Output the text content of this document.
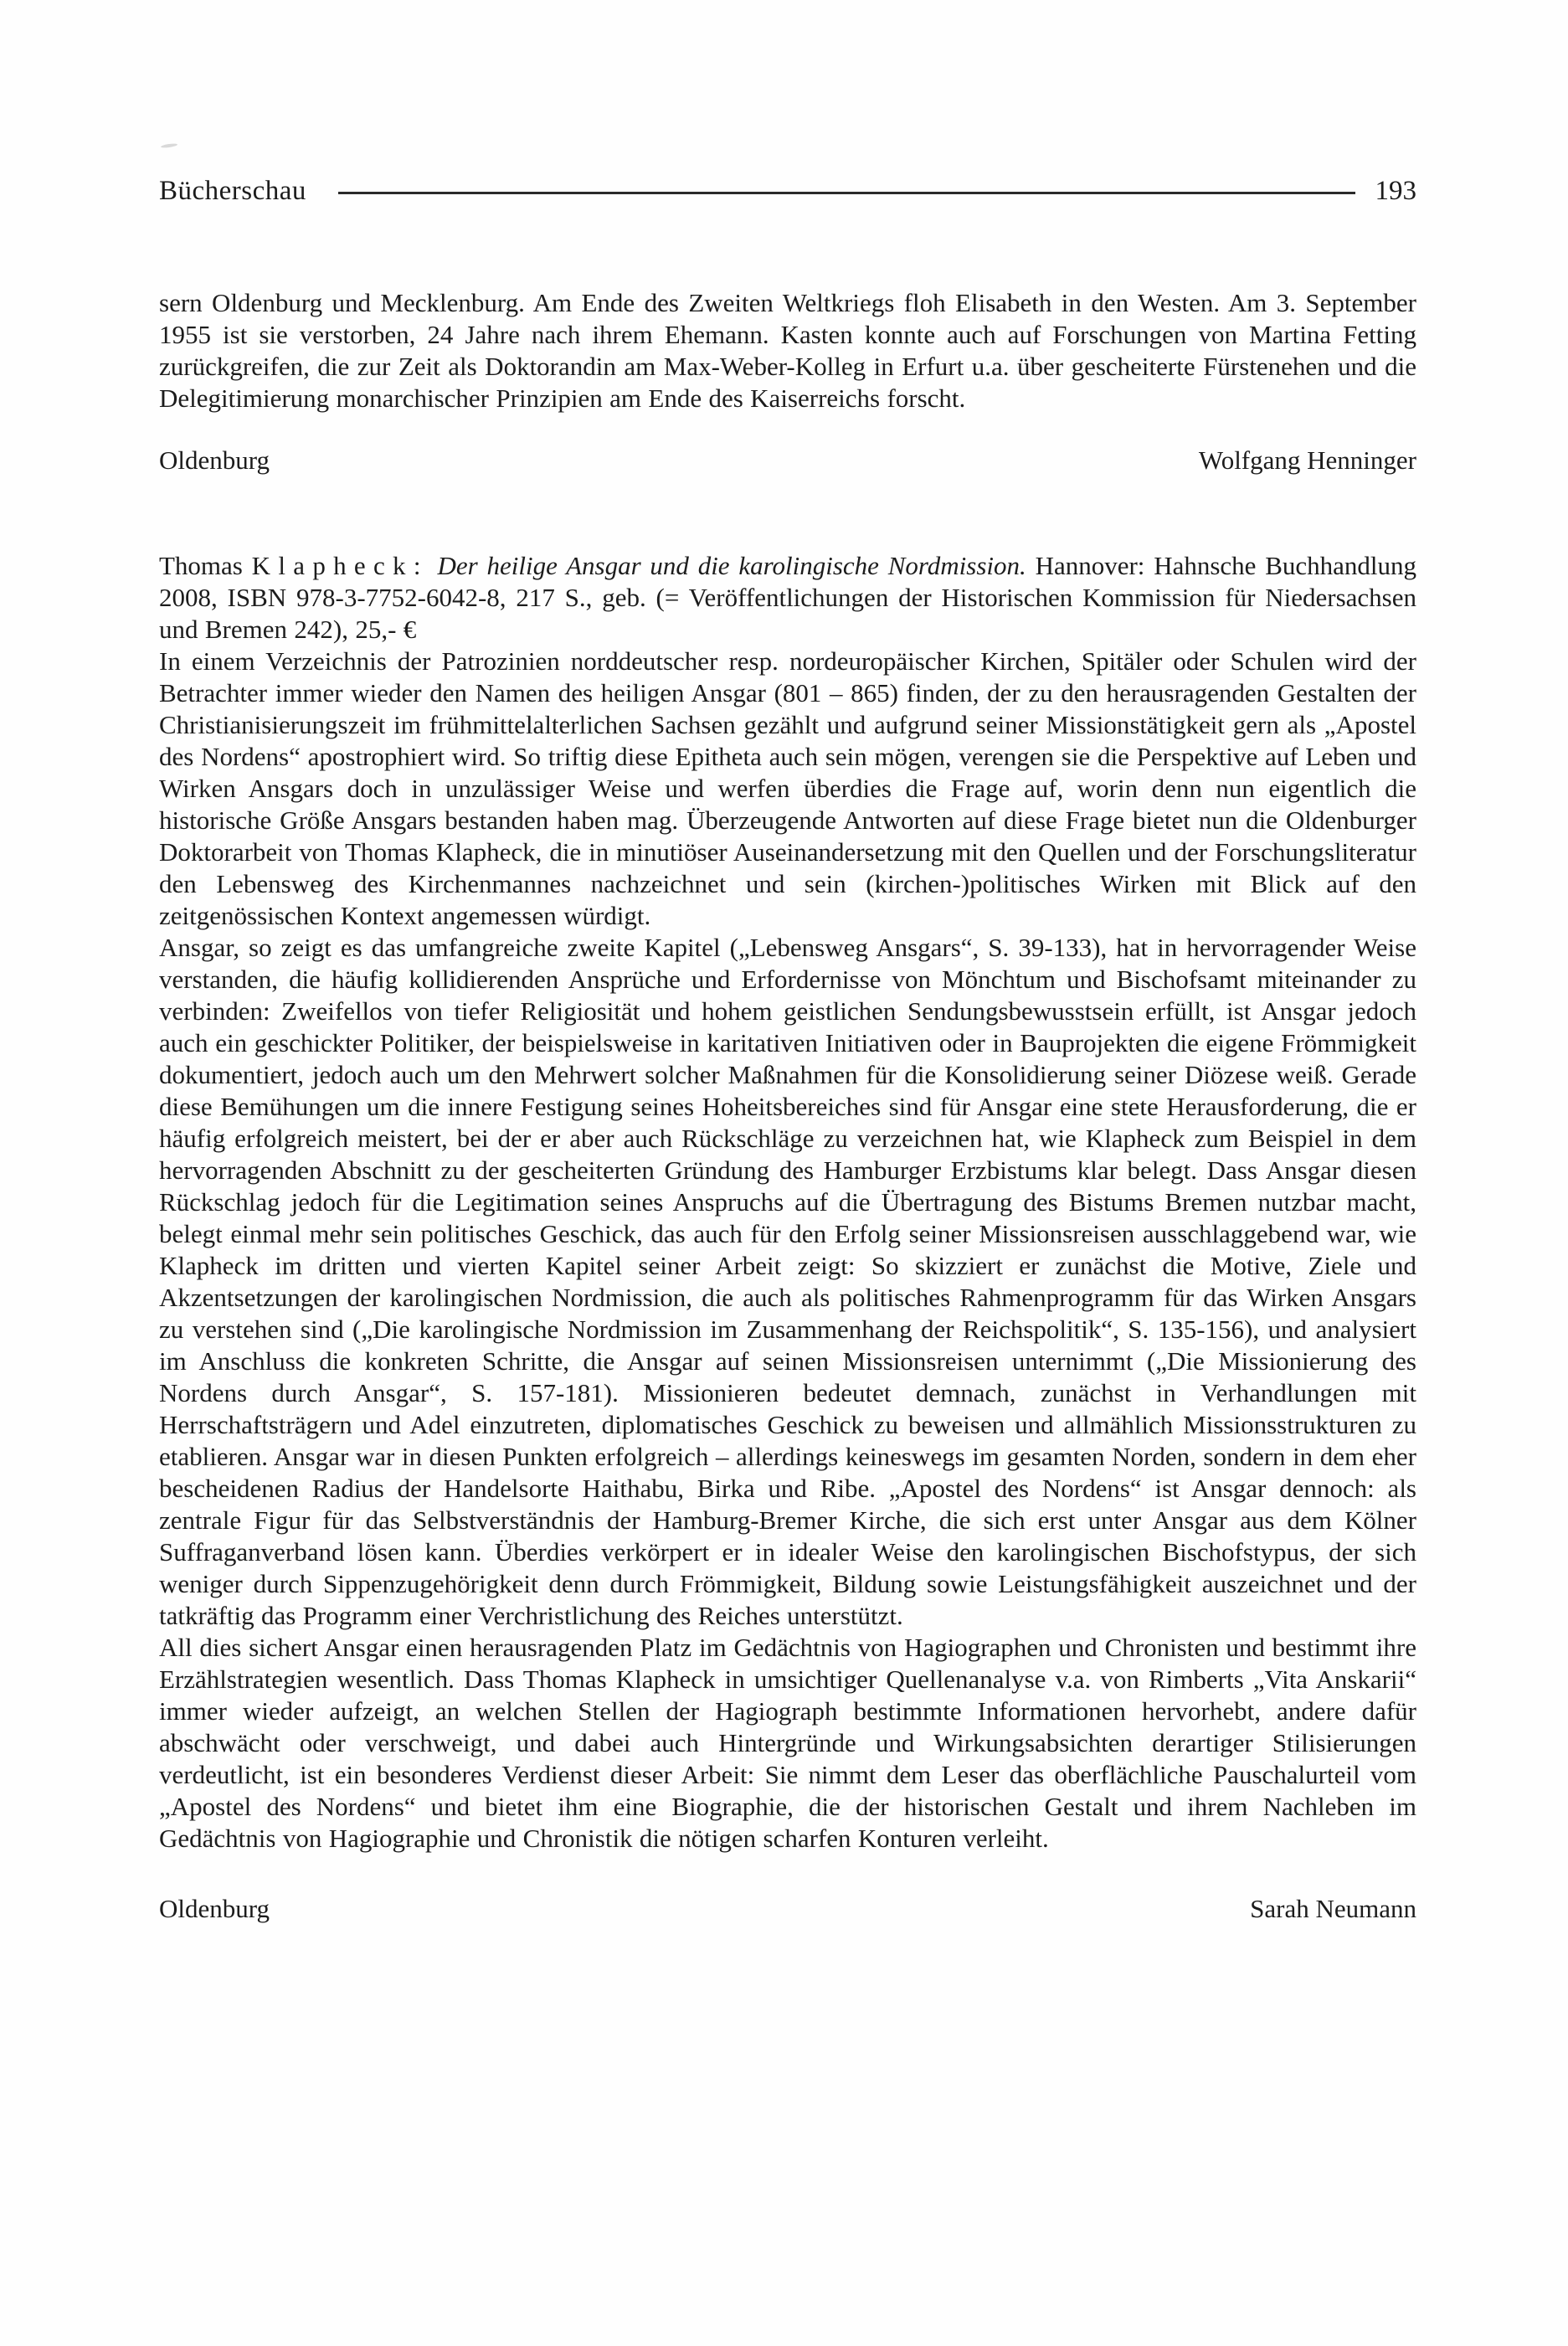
Bücherschau	193

sern Oldenburg und Mecklenburg. Am Ende des Zweiten Weltkriegs floh Elisabeth in den Westen. Am 3. September 1955 ist sie verstorben, 24 Jahre nach ihrem Ehemann. Kasten konnte auch auf Forschungen von Martina Fetting zurückgreifen, die zur Zeit als Doktorandin am Max-Weber-Kolleg in Erfurt u.a. über gescheiterte Fürstenehen und die Delegitimierung monarchischer Prinzipien am Ende des Kaiserreichs forscht.

Oldenburg	Wolfgang Henninger

Thomas Klapheck: Der heilige Ansgar und die karolingische Nordmission. Hannover: Hahnsche Buchhandlung 2008, ISBN 978-3-7752-6042-8, 217 S., geb. (= Veröffentlichungen der Historischen Kommission für Niedersachsen und Bremen 242), 25,- €

In einem Verzeichnis der Patrozinien norddeutscher resp. nordeuropäischer Kirchen, Spitäler oder Schulen wird der Betrachter immer wieder den Namen des heiligen Ansgar (801 – 865) finden, der zu den herausragenden Gestalten der Christianisierungszeit im frühmittelalterlichen Sachsen gezählt und aufgrund seiner Missionstätigkeit gern als „Apostel des Nordens“ apostrophiert wird. So triftig diese Epitheta auch sein mögen, verengen sie die Perspektive auf Leben und Wirken Ansgars doch in unzulässiger Weise und werfen überdies die Frage auf, worin denn nun eigentlich die historische Größe Ansgars bestanden haben mag. Überzeugende Antworten auf diese Frage bietet nun die Oldenburger Doktorarbeit von Thomas Klapheck, die in minutiöser Auseinandersetzung mit den Quellen und der Forschungsliteratur den Lebensweg des Kirchenmannes nachzeichnet und sein (kirchen-)politisches Wirken mit Blick auf den zeitgenössischen Kontext angemessen würdigt.

Ansgar, so zeigt es das umfangreiche zweite Kapitel („Lebensweg Ansgars“, S. 39-133), hat in hervorragender Weise verstanden, die häufig kollidierenden Ansprüche und Erfordernisse von Mönchtum und Bischofsamt miteinander zu verbinden: Zweifellos von tiefer Religiosität und hohem geistlichen Sendungsbewusstsein erfüllt, ist Ansgar jedoch auch ein geschickter Politiker, der beispielsweise in karitativen Initiativen oder in Bauprojekten die eigene Frömmigkeit dokumentiert, jedoch auch um den Mehrwert solcher Maßnahmen für die Konsolidierung seiner Diözese weiß. Gerade diese Bemühungen um die innere Festigung seines Hoheitsbereiches sind für Ansgar eine stete Herausforderung, die er häufig erfolgreich meistert, bei der er aber auch Rückschläge zu verzeichnen hat, wie Klapheck zum Beispiel in dem hervorragenden Abschnitt zu der gescheiterten Gründung des Hamburger Erzbistums klar belegt. Dass Ansgar diesen Rückschlag jedoch für die Legitimation seines Anspruchs auf die Übertragung des Bistums Bremen nutzbar macht, belegt einmal mehr sein politisches Geschick, das auch für den Erfolg seiner Missionsreisen ausschlaggebend war, wie Klapheck im dritten und vierten Kapitel seiner Arbeit zeigt: So skizziert er zunächst die Motive, Ziele und Akzentsetzungen der karolingischen Nordmission, die auch als politisches Rahmenprogramm für das Wirken Ansgars zu verstehen sind („Die karolingische Nordmission im Zusammenhang der Reichspolitik“, S. 135-156), und analysiert im Anschluss die konkreten Schritte, die Ansgar auf seinen Missionsreisen unternimmt („Die Missionierung des Nordens durch Ansgar“, S. 157-181). Missionieren bedeutet demnach, zunächst in Verhandlungen mit Herrschaftsträgern und Adel einzutreten, diplomatisches Geschick zu beweisen und allmählich Missionsstrukturen zu etablieren. Ansgar war in diesen Punkten erfolgreich – allerdings keineswegs im gesamten Norden, sondern in dem eher bescheidenen Radius der Handelsorte Haithabu, Birka und Ribe. „Apostel des Nordens“ ist Ansgar dennoch: als zentrale Figur für das Selbstverständnis der Hamburg-Bremer Kirche, die sich erst unter Ansgar aus dem Kölner Suffraganverband lösen kann. Überdies verkörpert er in idealer Weise den karolingischen Bischofstypus, der sich weniger durch Sippenzugehörigkeit denn durch Frömmigkeit, Bildung sowie Leistungsfähigkeit auszeichnet und der tatkräftig das Programm einer Verchristlichung des Reiches unterstützt.

All dies sichert Ansgar einen herausragenden Platz im Gedächtnis von Hagiographen und Chronisten und bestimmt ihre Erzählstrategien wesentlich. Dass Thomas Klapheck in umsichtiger Quellenanalyse v.a. von Rimberts „Vita Anskarii“ immer wieder aufzeigt, an welchen Stellen der Hagiograph bestimmte Informationen hervorhebt, andere dafür abschwächt oder verschweigt, und dabei auch Hintergründe und Wirkungsabsichten derartiger Stilisierungen verdeutlicht, ist ein besonderes Verdienst dieser Arbeit: Sie nimmt dem Leser das oberflächliche Pauschalurteil vom „Apostel des Nordens“ und bietet ihm eine Biographie, die der historischen Gestalt und ihrem Nachleben im Gedächtnis von Hagiographie und Chronistik die nötigen scharfen Konturen verleiht.

Oldenburg	Sarah Neumann
